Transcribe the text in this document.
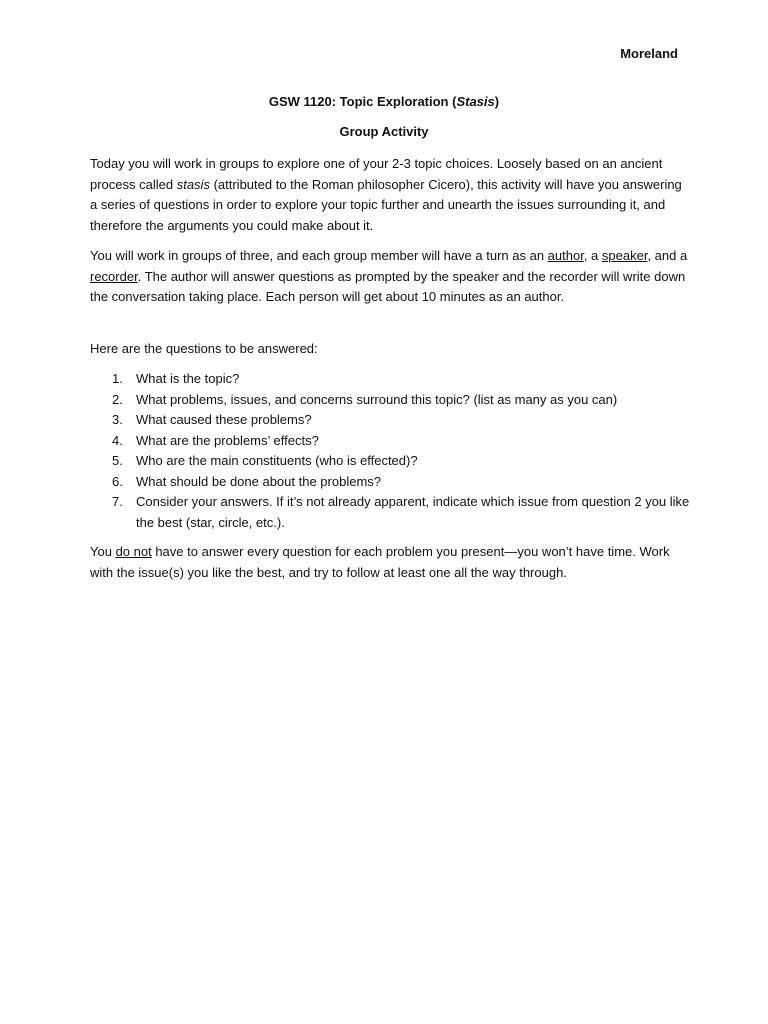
Moreland
GSW 1120: Topic Exploration (Stasis)
Group Activity
Today you will work in groups to explore one of your 2-3 topic choices. Loosely based on an ancient process called stasis (attributed to the Roman philosopher Cicero), this activity will have you answering a series of questions in order to explore your topic further and unearth the issues surrounding it, and therefore the arguments you could make about it.
You will work in groups of three, and each group member will have a turn as an author, a speaker, and a recorder. The author will answer questions as prompted by the speaker and the recorder will write down the conversation taking place. Each person will get about 10 minutes as an author.
Here are the questions to be answered:
1. What is the topic?
2. What problems, issues, and concerns surround this topic? (list as many as you can)
3. What caused these problems?
4. What are the problems’ effects?
5. Who are the main constituents (who is effected)?
6. What should be done about the problems?
7. Consider your answers. If it’s not already apparent, indicate which issue from question 2 you like the best (star, circle, etc.).
You do not have to answer every question for each problem you present—you won’t have time. Work with the issue(s) you like the best, and try to follow at least one all the way through.
